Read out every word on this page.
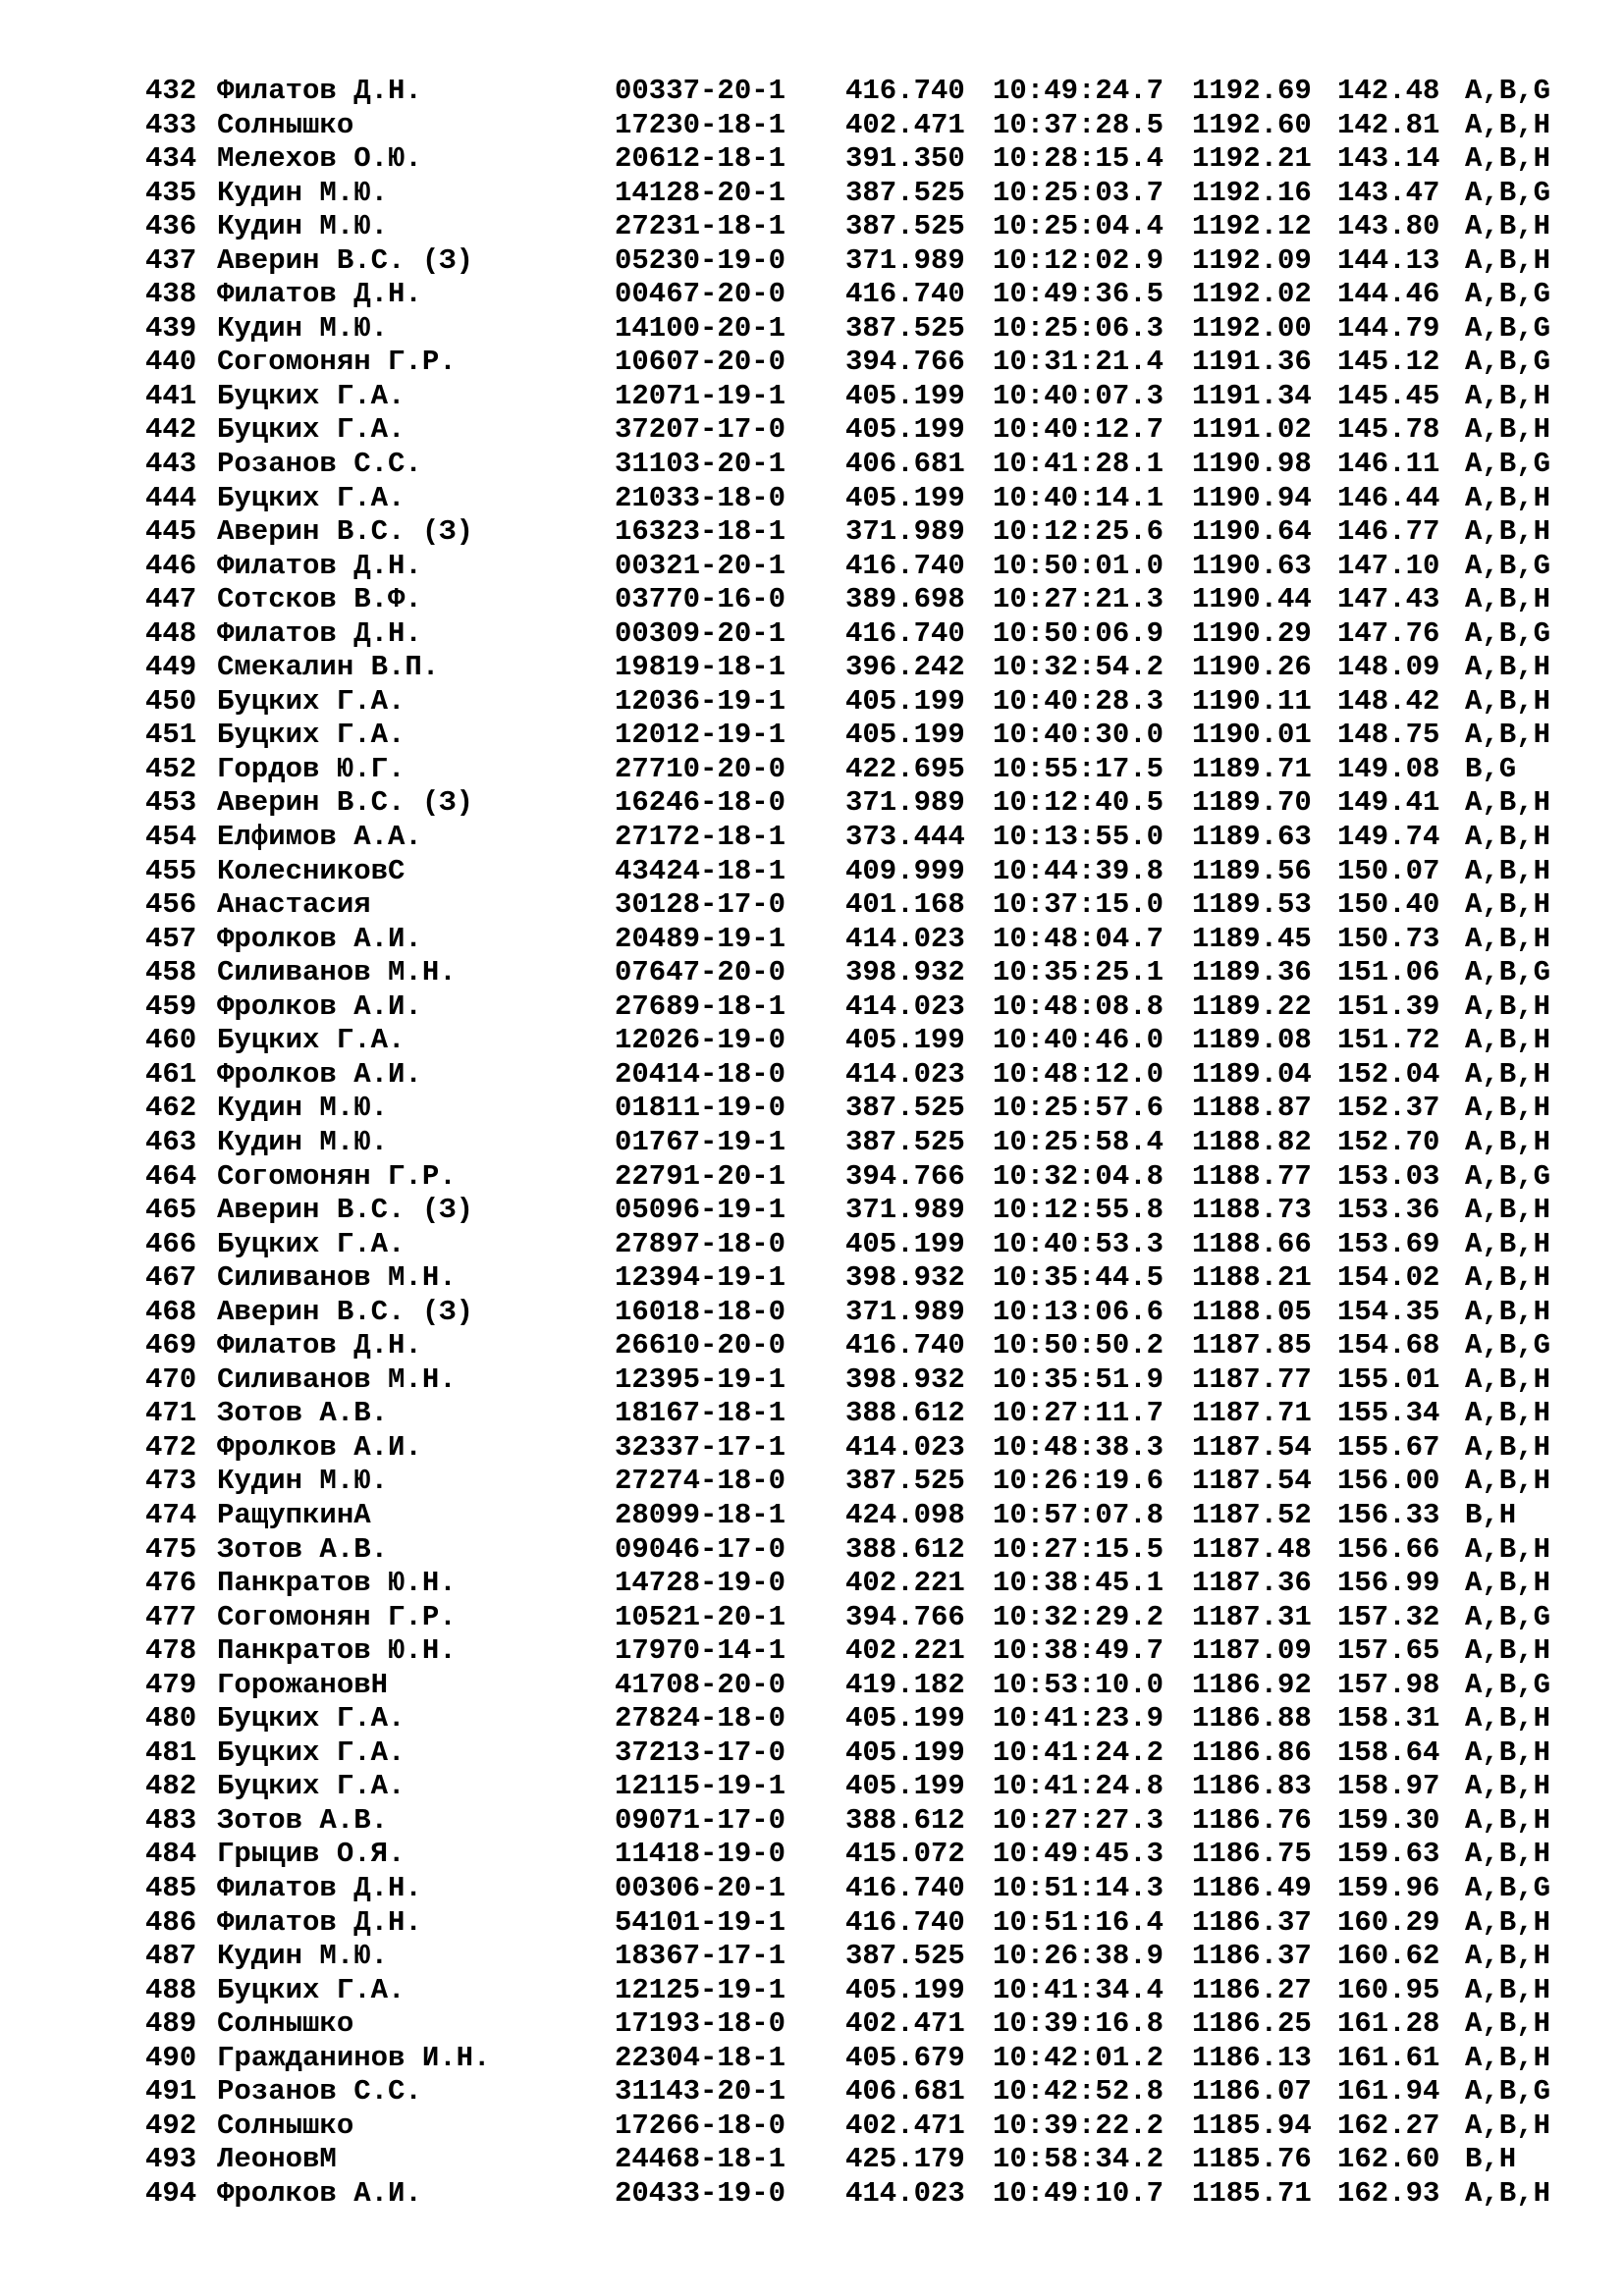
432 Филатов Д.Н.	00337-20-1 416.740 10:49:24.7 1192.69 142.48 A,B,G
433 Солнышко	17230-18-1 402.471 10:37:28.5 1192.60 142.81 A,B,H
434 Мелехов О.Ю.	20612-18-1 391.350 10:28:15.4 1192.21 143.14 A,B,H
435 Кудин М.Ю.	14128-20-1 387.525 10:25:03.7 1192.16 143.47 A,B,G
436 Кудин М.Ю.	27231-18-1 387.525 10:25:04.4 1192.12 143.80 A,B,H
437 Аверин В.С. (З)	05230-19-0 371.989 10:12:02.9 1192.09 144.13 A,B,H
438 Филатов Д.Н.	00467-20-0 416.740 10:49:36.5 1192.02 144.46 A,B,G
439 Кудин М.Ю.	14100-20-1 387.525 10:25:06.3 1192.00 144.79 A,B,G
440 Согомонян Г.Р.	10607-20-0 394.766 10:31:21.4 1191.36 145.12 A,B,G
441 Буцких Г.А.	12071-19-1 405.199 10:40:07.3 1191.34 145.45 A,B,H
442 Буцких Г.А.	37207-17-0 405.199 10:40:12.7 1191.02 145.78 A,B,H
443 Розанов С.С.	31103-20-1 406.681 10:41:28.1 1190.98 146.11 A,B,G
444 Буцких Г.А.	21033-18-0 405.199 10:40:14.1 1190.94 146.44 A,B,H
445 Аверин В.С. (З)	16323-18-1 371.989 10:12:25.6 1190.64 146.77 A,B,H
446 Филатов Д.Н.	00321-20-1 416.740 10:50:01.0 1190.63 147.10 A,B,G
447 Сотсков В.Ф.	03770-16-0 389.698 10:27:21.3 1190.44 147.43 A,B,H
448 Филатов Д.Н.	00309-20-1 416.740 10:50:06.9 1190.29 147.76 A,B,G
449 Смекалин В.П.	19819-18-1 396.242 10:32:54.2 1190.26 148.09 A,B,H
450 Буцких Г.А.	12036-19-1 405.199 10:40:28.3 1190.11 148.42 A,B,H
451 Буцких Г.А.	12012-19-1 405.199 10:40:30.0 1190.01 148.75 A,B,H
452 Гордов Ю.Г.	27710-20-0 422.695 10:55:17.5 1189.71 149.08 B,G
453 Аверин В.С. (З)	16246-18-0 371.989 10:12:40.5 1189.70 149.41 A,B,H
454 Елфимов А.А.	27172-18-1 373.444 10:13:55.0 1189.63 149.74 A,B,H
455 КолесниковС	43424-18-1 409.999 10:44:39.8 1189.56 150.07 A,B,H
456 Анастасия	30128-17-0 401.168 10:37:15.0 1189.53 150.40 A,B,H
457 Фролков А.И.	20489-19-1 414.023 10:48:04.7 1189.45 150.73 A,B,H
458 Силиванов М.Н.	07647-20-0 398.932 10:35:25.1 1189.36 151.06 A,B,G
459 Фролков А.И.	27689-18-1 414.023 10:48:08.8 1189.22 151.39 A,B,H
460 Буцких Г.А.	12026-19-0 405.199 10:40:46.0 1189.08 151.72 A,B,H
461 Фролков А.И.	20414-18-0 414.023 10:48:12.0 1189.04 152.04 A,B,H
462 Кудин М.Ю.	01811-19-0 387.525 10:25:57.6 1188.87 152.37 A,B,H
463 Кудин М.Ю.	01767-19-1 387.525 10:25:58.4 1188.82 152.70 A,B,H
464 Согомонян Г.Р.	22791-20-1 394.766 10:32:04.8 1188.77 153.03 A,B,G
465 Аверин В.С. (З)	05096-19-1 371.989 10:12:55.8 1188.73 153.36 A,B,H
466 Буцких Г.А.	27897-18-0 405.199 10:40:53.3 1188.66 153.69 A,B,H
467 Силиванов М.Н.	12394-19-1 398.932 10:35:44.5 1188.21 154.02 A,B,H
468 Аверин В.С. (З)	16018-18-0 371.989 10:13:06.6 1188.05 154.35 A,B,H
469 Филатов Д.Н.	26610-20-0 416.740 10:50:50.2 1187.85 154.68 A,B,G
470 Силиванов М.Н.	12395-19-1 398.932 10:35:51.9 1187.77 155.01 A,B,H
471 Зотов А.В.	18167-18-1 388.612 10:27:11.7 1187.71 155.34 A,B,H
472 Фролков А.И.	32337-17-1 414.023 10:48:38.3 1187.54 155.67 A,B,H
473 Кудин М.Ю.	27274-18-0 387.525 10:26:19.6 1187.54 156.00 A,B,H
474 РащупкинА	28099-18-1 424.098 10:57:07.8 1187.52 156.33 B,H
475 Зотов А.В.	09046-17-0 388.612 10:27:15.5 1187.48 156.66 A,B,H
476 Панкратов Ю.Н.	14728-19-0 402.221 10:38:45.1 1187.36 156.99 A,B,H
477 Согомонян Г.Р.	10521-20-1 394.766 10:32:29.2 1187.31 157.32 A,B,G
478 Панкратов Ю.Н.	17970-14-1 402.221 10:38:49.7 1187.09 157.65 A,B,H
479 ГорожановН	41708-20-0 419.182 10:53:10.0 1186.92 157.98 A,B,G
480 Буцких Г.А.	27824-18-0 405.199 10:41:23.9 1186.88 158.31 A,B,H
481 Буцких Г.А.	37213-17-0 405.199 10:41:24.2 1186.86 158.64 A,B,H
482 Буцких Г.А.	12115-19-1 405.199 10:41:24.8 1186.83 158.97 A,B,H
483 Зотов А.В.	09071-17-0 388.612 10:27:27.3 1186.76 159.30 A,B,H
484 Грыцив О.Я.	11418-19-0 415.072 10:49:45.3 1186.75 159.63 A,B,H
485 Филатов Д.Н.	00306-20-1 416.740 10:51:14.3 1186.49 159.96 A,B,G
486 Филатов Д.Н.	54101-19-1 416.740 10:51:16.4 1186.37 160.29 A,B,H
487 Кудин М.Ю.	18367-17-1 387.525 10:26:38.9 1186.37 160.62 A,B,H
488 Буцких Г.А.	12125-19-1 405.199 10:41:34.4 1186.27 160.95 A,B,H
489 Солнышко	17193-18-0 402.471 10:39:16.8 1186.25 161.28 A,B,H
490 Гражданинов И.Н.	22304-18-1 405.679 10:42:01.2 1186.13 161.61 A,B,H
491 Розанов С.С.	31143-20-1 406.681 10:42:52.8 1186.07 161.94 A,B,G
492 Солнышко	17266-18-0 402.471 10:39:22.2 1185.94 162.27 A,B,H
493 ЛеоновМ	24468-18-1 425.179 10:58:34.2 1185.76 162.60 B,H
494 Фролков А.И.	20433-19-0 414.023 10:49:10.7 1185.71 162.93 A,B,H
